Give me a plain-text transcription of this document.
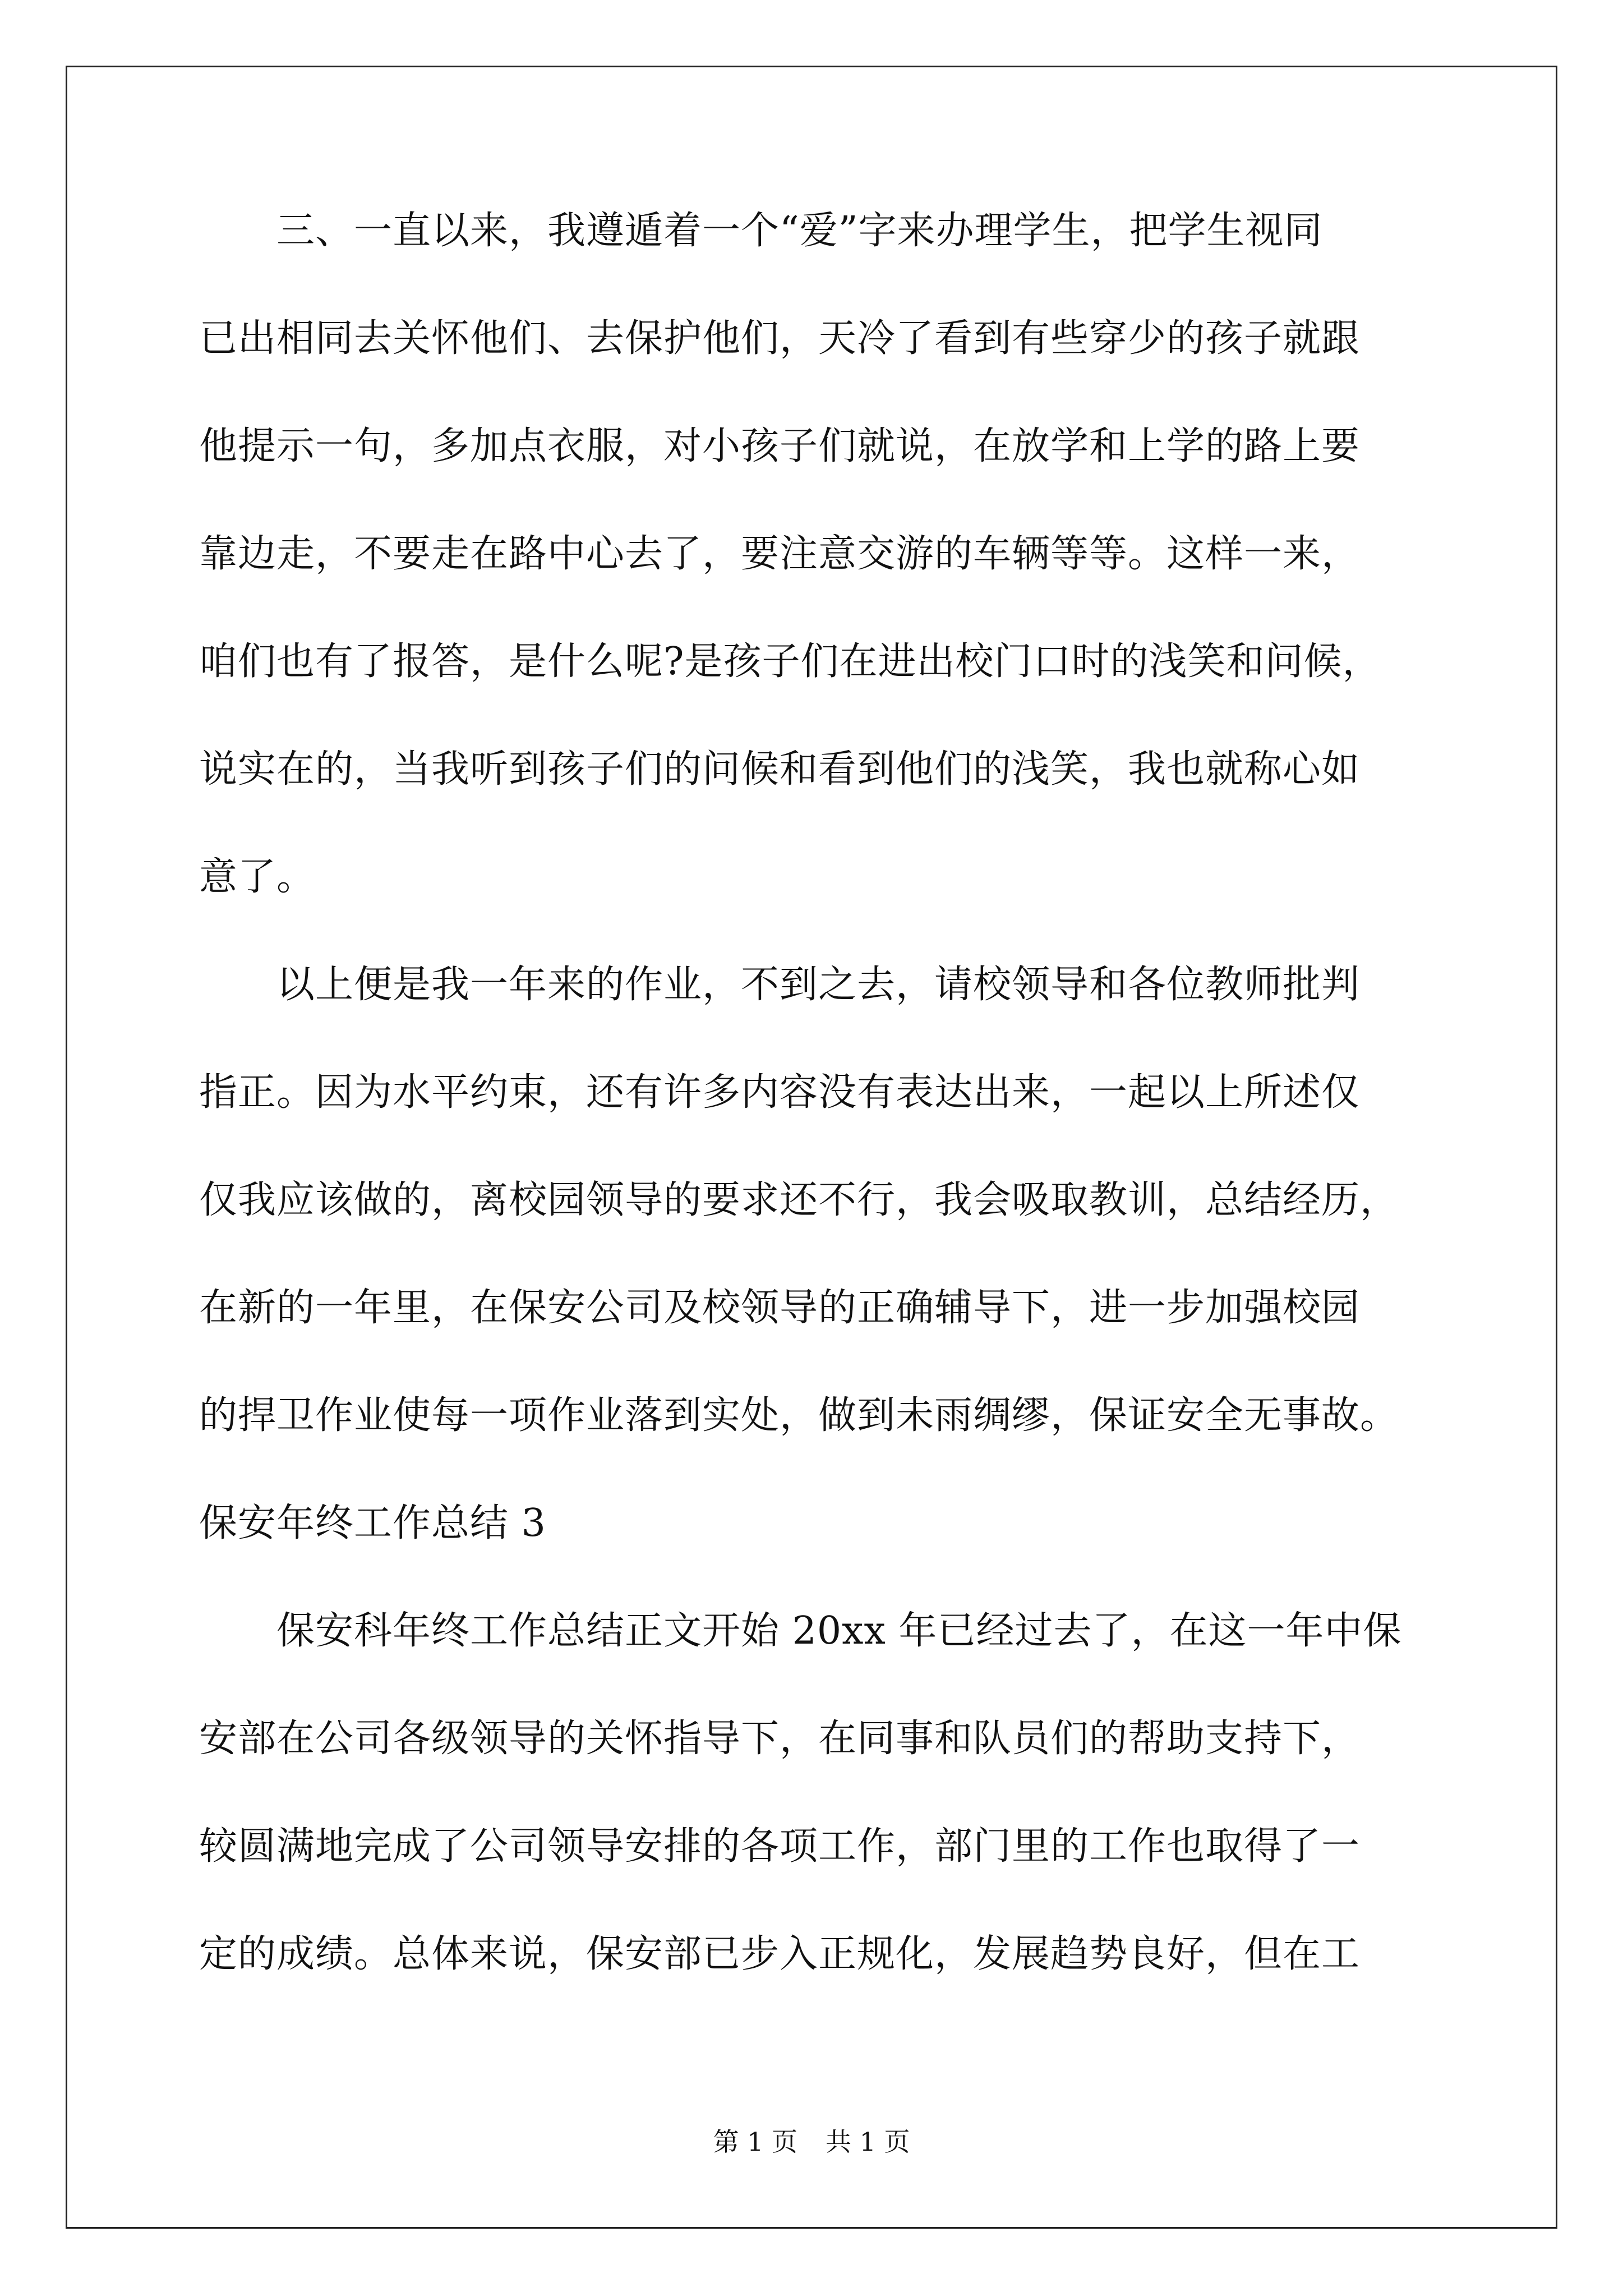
　　三、一直以来，我遵遁着一个“爱”字来办理学生，把学生视同
已出相同去关怀他们、去保护他们，天冷了看到有些穿少的孩子就跟
他提示一句，多加点衣服，对小孩子们就说，在放学和上学的路上要
靠边走，不要走在路中心去了，要注意交游的车辆等等。这样一来，
咱们也有了报答，是什么呢?是孩子们在进出校门口时的浅笑和问候，
说实在的，当我听到孩子们的问候和看到他们的浅笑，我也就称心如
意了。
　　以上便是我一年来的作业，不到之去，请校领导和各位教师批判
指正。因为水平约束，还有许多内容没有表达出来，一起以上所述仅
仅我应该做的，离校园领导的要求还不行，我会吸取教训，总结经历，
在新的一年里，在保安公司及校领导的正确辅导下，进一步加强校园
的捍卫作业使每一项作业落到实处，做到未雨绸缪，保证安全无事故。
保安年终工作总结 3
　　保安科年终工作总结正文开始 20xx 年已经过去了，在这一年中保
安部在公司各级领导的关怀指导下，在同事和队员们的帮助支持下，
较圆满地完成了公司领导安排的各项工作，部门里的工作也取得了一
定的成绩。总体来说，保安部已步入正规化，发展趋势良好，但在工
第 1 页 共 1 页
